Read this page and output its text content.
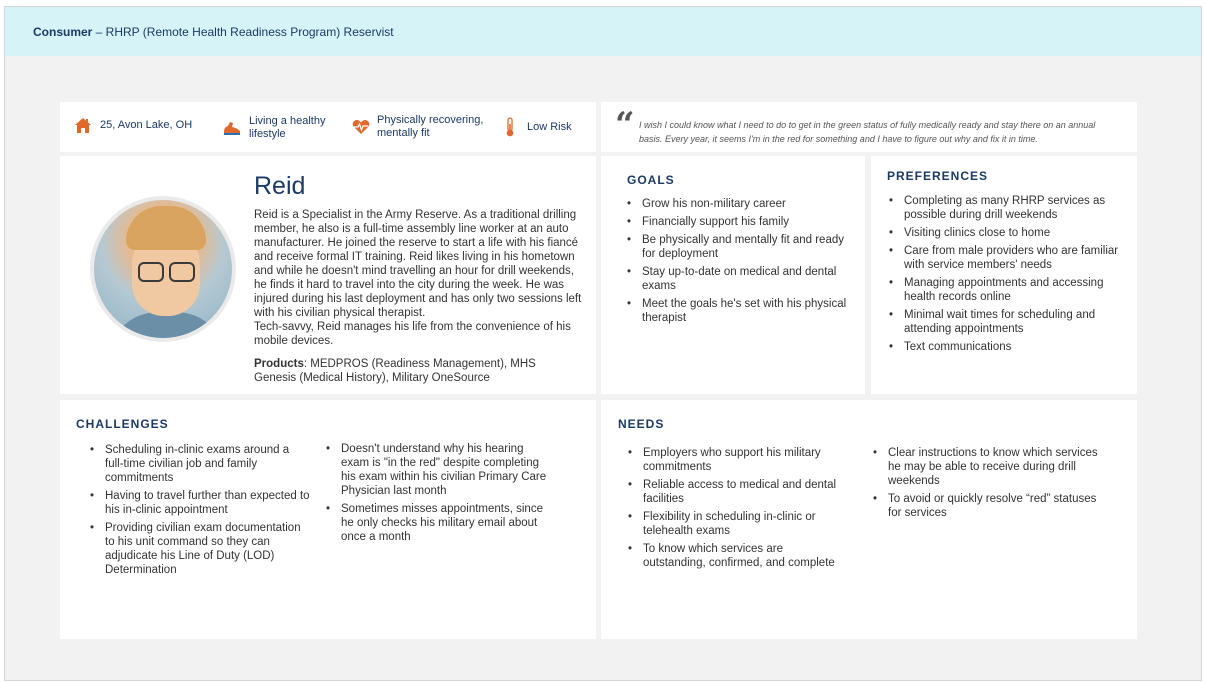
Consumer – RHRP (Remote Health Readiness Program) Reservist
25, Avon Lake, OH	Living a healthy lifestyle
Physically recovering, mentally fit
Low Risk “ I wish I could know what I need to do to get in the green status of fully medically ready and stay there on an annual basis. Every year, it seems I'm in the red for something and I have to figure out why and fix it in time.

Reid
Reid is a Specialist in the Army Reserve. As a traditional drilling member, he also is a full-time assembly line worker at an auto manufacturer. He joined the reserve to start a life with his fiancé and receive formal IT training. Reid likes living in his hometown and while he doesn't mind travelling an hour for drill weekends, he finds it hard to travel into the city during the week. He was injured during his last deployment and has only two sessions left with his civilian physical therapist.
Tech-savvy, Reid manages his life from the convenience of his mobile devices.
Products: MEDPROS (Readiness Management), MHS Genesis (Medical History), Military OneSource
GOALS
• Grow his non-military career
• Financially support his family
• Be physically and mentally fit and ready for deployment
• Stay up-to-date on medical and dental exams
• Meet the goals he's set with his physical therapist
PREFERENCES
• Completing as many RHRP services as possible during drill weekends
• Visiting clinics close to home
• Care from male providers who are familiar with service members' needs
• Managing appointments and accessing health records online
• Minimal wait times for scheduling and attending appointments
• Text communications
CHALLENGES
• Scheduling in-clinic exams around a full-time civilian job and family commitments
• Having to travel further than expected to his in-clinic appointment
• Providing civilian exam documentation to his unit command so they can adjudicate his Line of Duty (LOD) Determination
• Doesn't understand why his hearing exam is "in the red" despite completing his exam within his civilian Primary Care Physician last month
• Sometimes misses appointments, since he only checks his military email about once a month
NEEDS
• Employers who support his military commitments
• Reliable access to medical and dental facilities
• Flexibility in scheduling in-clinic or telehealth exams
• To know which services are outstanding, confirmed, and complete
• Clear instructions to know which services he may be able to receive during drill weekends
• To avoid or quickly resolve “red” statuses for services
